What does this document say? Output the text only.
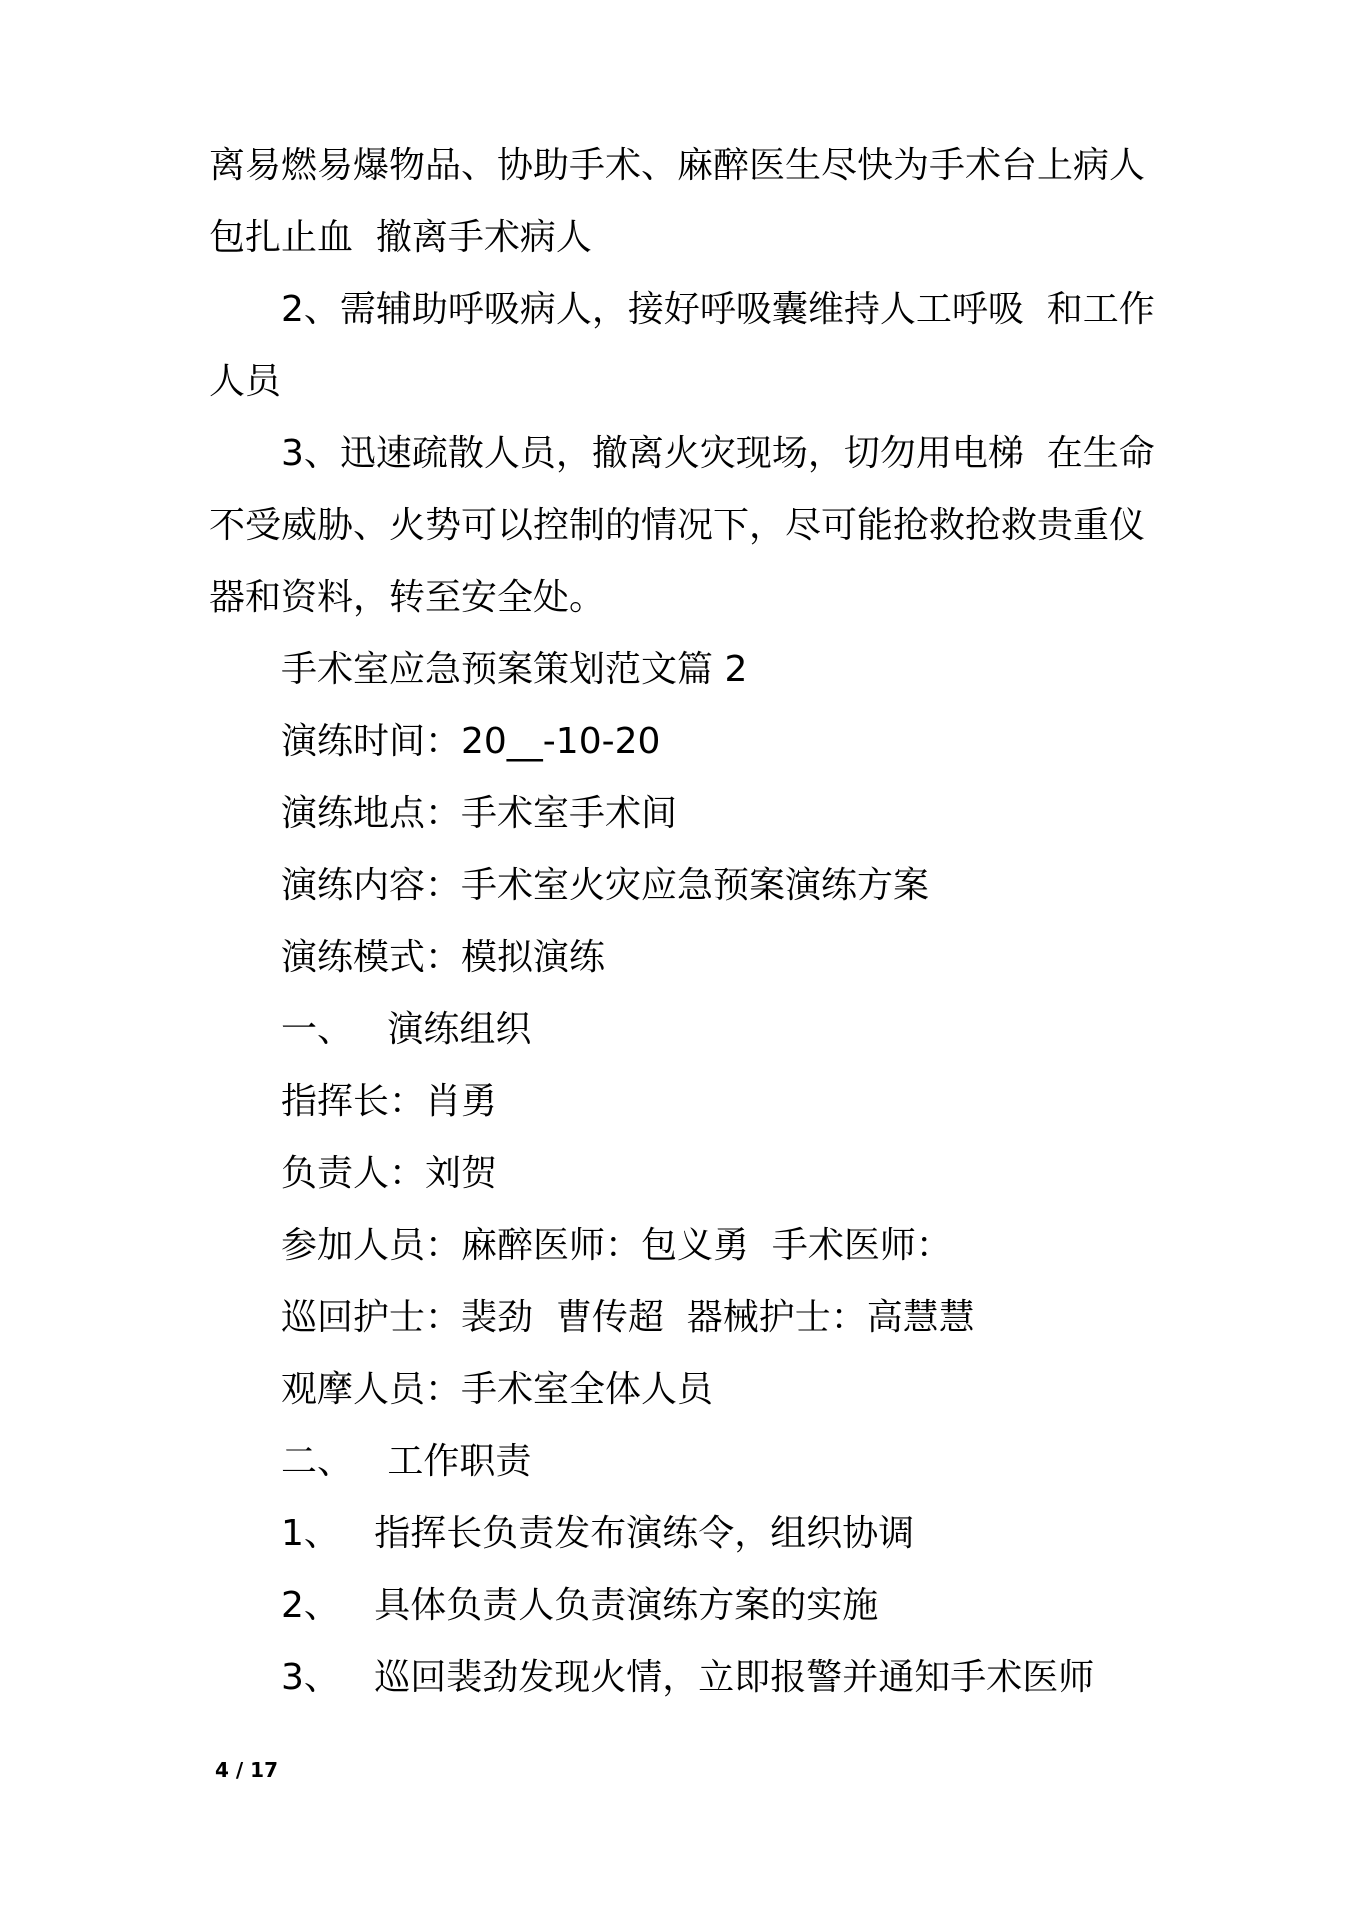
离易燃易爆物品、协助手术、麻醉医生尽快为手术台上病人

包扎止血  撤离手术病人

2、需辅助呼吸病人，接好呼吸囊维持人工呼吸  和工作

人员

3、迅速疏散人员，撤离火灾现场，切勿用电梯  在生命

不受威胁、火势可以控制的情况下，尽可能抢救抢救贵重仪

器和资料，转至安全处。

手术室应急预案策划范文篇 2

演练时间：20__-10-20

演练地点：手术室手术间

演练内容：手术室火灾应急预案演练方案

演练模式：模拟演练

一、   演练组织

指挥长：肖勇

负责人：刘贺

参加人员：麻醉医师：包义勇  手术医师：

巡回护士：裴劲  曹传超  器械护士：高慧慧

观摩人员：手术室全体人员

二、   工作职责

1、   指挥长负责发布演练令，组织协调

2、   具体负责人负责演练方案的实施

3、   巡回裴劲发现火情，立即报警并通知手术医师

4 / 17
